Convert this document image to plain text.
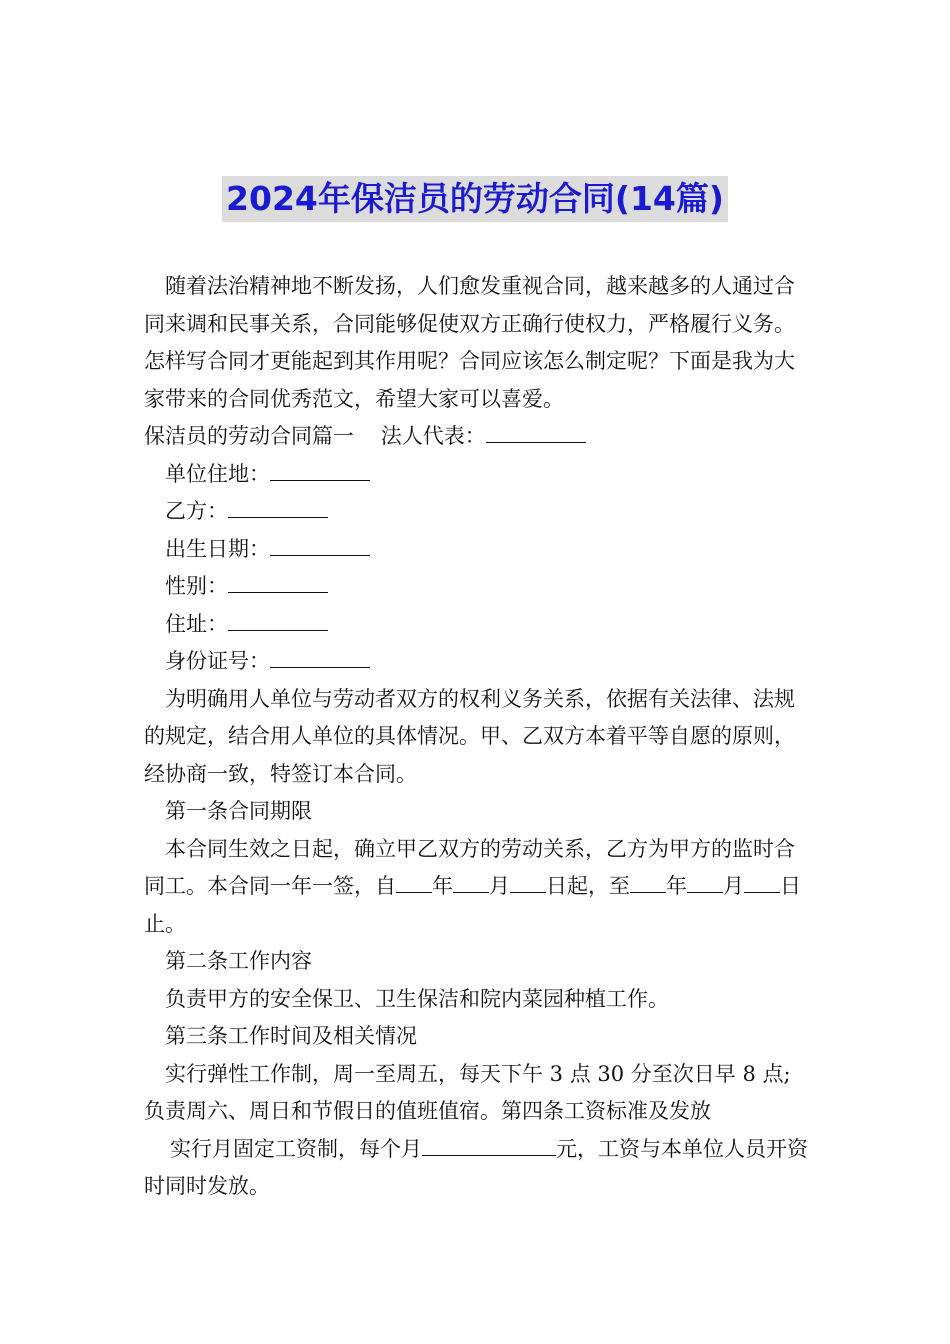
2024年保洁员的劳动合同(14篇)

随着法治精神地不断发扬，人们愈发重视合同，越来越多的人通过合同来调和民事关系，合同能够促使双方正确行使权力，严格履行义务。怎样写合同才更能起到其作用呢？合同应该怎么制定呢？下面是我为大家带来的合同优秀范文，希望大家可以喜爱。

保洁员的劳动合同篇一 法人代表：

单位住地：

乙方：

出生日期：

性别：

住址：

身份证号：

为明确用人单位与劳动者双方的权利义务关系，依据有关法律、法规的规定，结合用人单位的具体情况。甲、乙双方本着平等自愿的原则，经协商一致，特签订本合同。

第一条合同期限

本合同生效之日起，确立甲乙双方的劳动关系，乙方为甲方的监时合同工。本合同一年一签，自 年 月 日起，至 年 月 日止。

第二条工作内容

负责甲方的安全保卫、卫生保洁和院内菜园种植工作。

第三条工作时间及相关情况

实行弹性工作制，周一至周五，每天下午 3 点 30 分至次日早 8 点;负责周六、周日和节假日的值班值宿。第四条工资标准及发放

实行月固定工资制，每个月	元，工资与本单位人员开资时同时发放。
